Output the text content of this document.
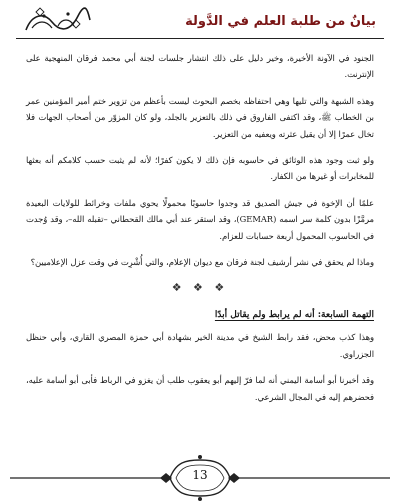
بيانٌ من طلبة العلم في الدَّولة

الجنود في الآونة الأخيرة، وخير دليل على ذلك انتشار جلسات لجنة أبي محمد فرقان المنهجية على الإنترنت.

وهذه الشبهة والتي تليها وهي احتفاظه بخصم البحوث ليست بأعظم من تزوير ختم أمير المؤمنين عمر بن الخطاب ﷺ، وقد اكتفى الفاروق في ذلك بالتعزير بالجلد، ولو كان المزوّر من أصحاب الجهات فلا تخال عمرًا إلا أن يقيل عثرته ويعفيه من التعزير.

ولو ثبت وجود هذه الوثائق في حاسوبه فإن ذلك لا يكون كفرًا؛ لأنه لم يثبت حسب كلامكم أنه بعثها للمخابرات أو غيرها من الكفار.

علمًا أن الإخوة في جيش الصديق قد وجدوا حاسوبًا محمولًا يحوي ملفات وخرائط للولايات البعيدة مرمَّزًا بدون كلمة سر اسمه (GEMAR)، وقد استقر عند أبي مالك القحطاني –تقبله الله–، وقد وُجدت في الحاسوب المحمول أربعة حسابات للعزام.

وماذا لم يحقق في نشر أرشيف لجنة فرقان مع ديوان الإعلام، والتي أُشْرِت في وقت عزل الإعلاميين؟

❖ ❖ ❖
التهمة السابعة: أنه لم يرابط ولم يقاتل أبدًا

وهذا كذب محض، فقد رابط الشيخ في مدينة الخير بشهادة أبي حمزة المصري القاري، وأبي حنظل الجزراوي.

وقد أخبرنا أبو أسامة اليمني أنه لما فرّ إليهم أبو يعقوب طلب أن يغزو في الرباط فأبى أبو أسامة عليه، فحضرهم إليه في المجال الشرعي.

13
